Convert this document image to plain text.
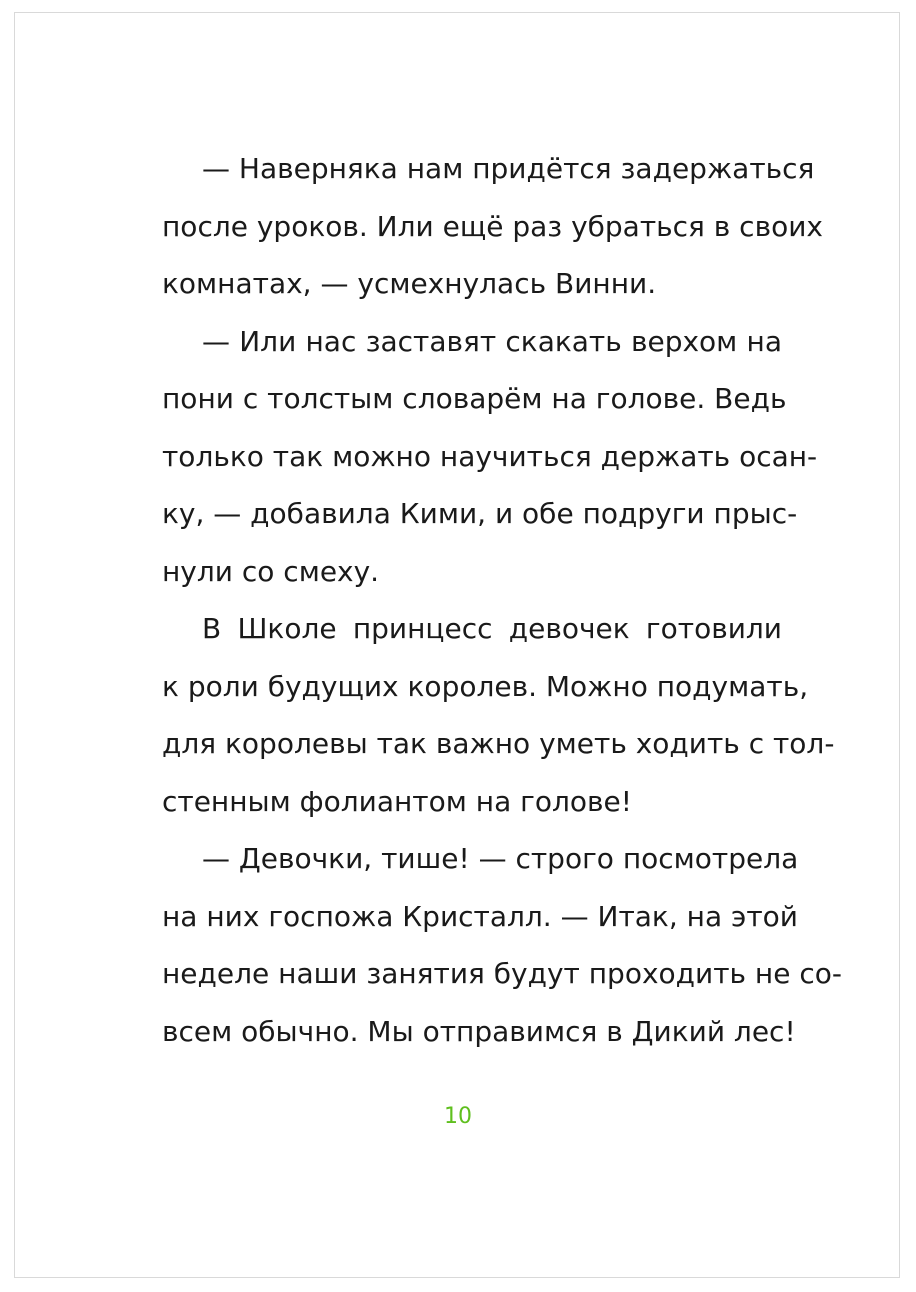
— Наверняка нам придётся задержаться
после уроков. Или ещё раз убраться в своих
комнатах, — усмехнулась Винни.
— Или нас заставят скакать верхом на
пони с толстым словарём на голове. Ведь
только так можно научиться держать осан-
ку, — добавила Кими, и обе подруги прыс-
нули со смеху.
В Школе принцесс девочек готовили
к роли будущих королев. Можно подумать,
для королевы так важно уметь ходить с тол-
стенным фолиантом на голове!
— Девочки, тише! — строго посмотрела
на них госпожа Кристалл. — Итак, на этой
неделе наши занятия будут проходить не со-
всем обычно. Мы отправимся в Дикий лес!
10
